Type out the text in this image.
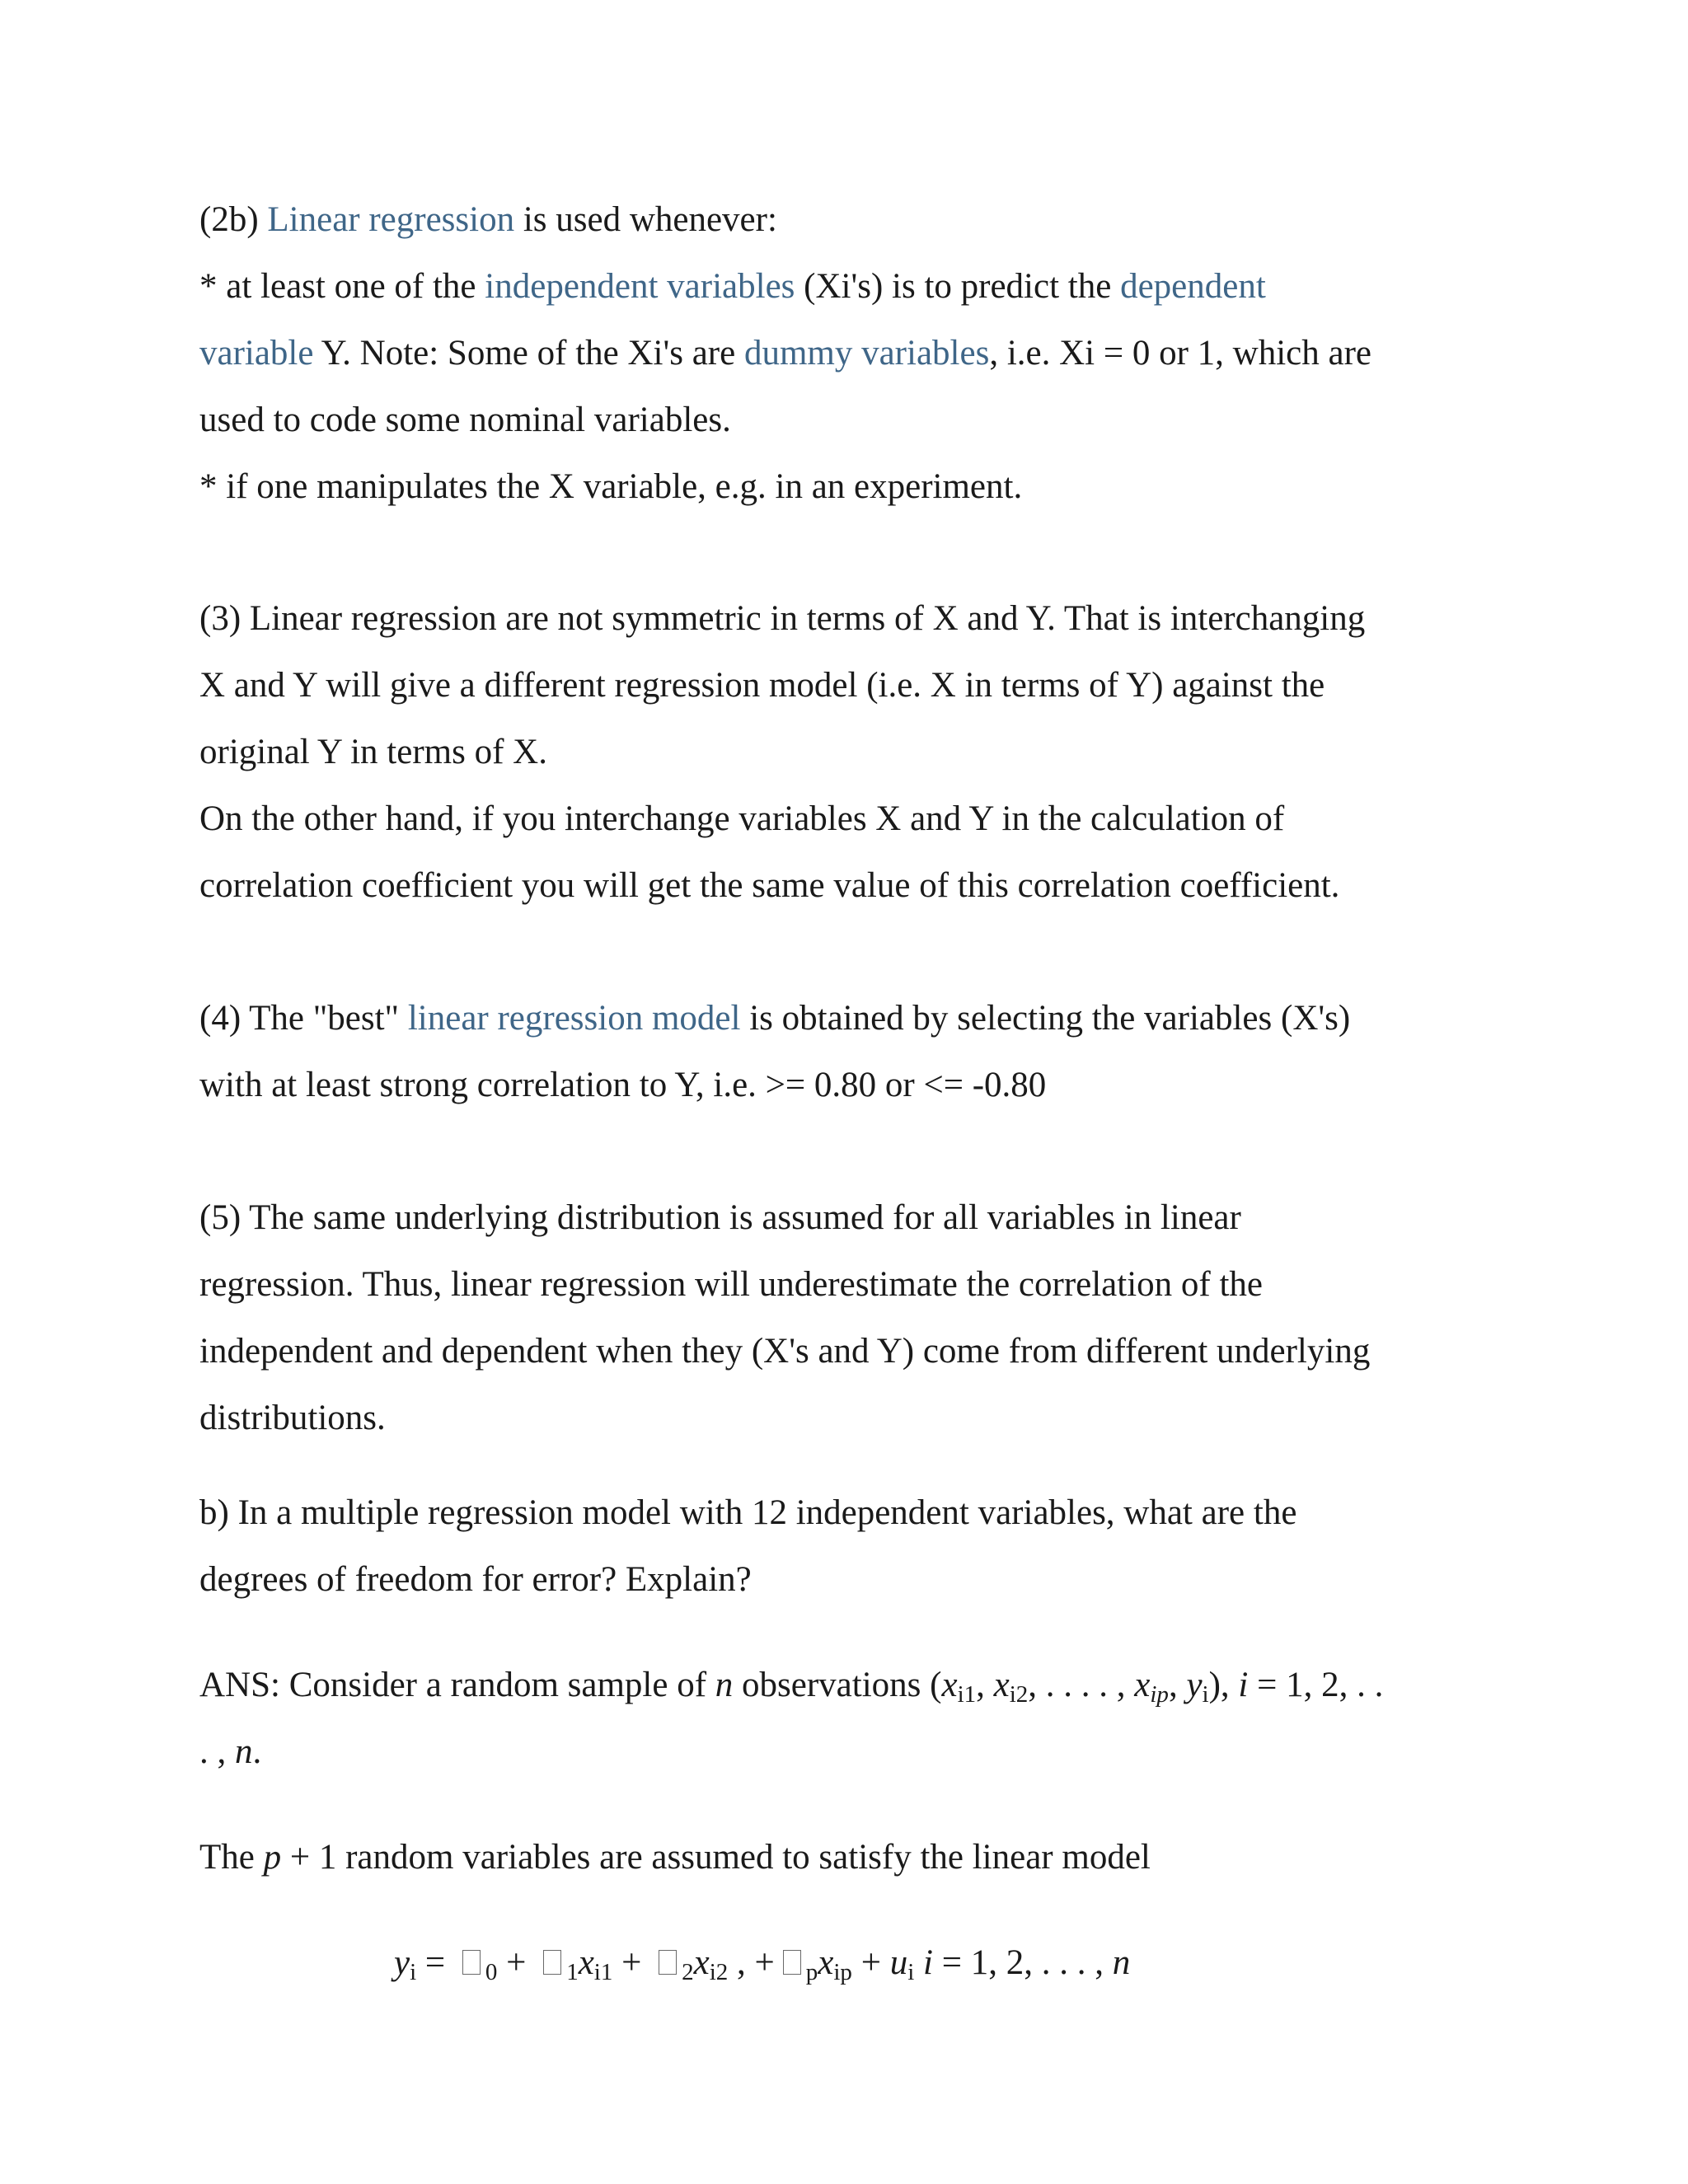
(2b) Linear regression is used whenever:

* at least one of the independent variables (Xi's) is to predict the dependent

variable Y. Note: Some of the Xi's are dummy variables, i.e. Xi = 0 or 1, which are

used to code some nominal variables.

* if one manipulates the X variable, e.g. in an experiment.

(3) Linear regression are not symmetric in terms of X and Y. That is interchanging

X and Y will give a different regression model (i.e. X in terms of Y) against the

original Y in terms of X.

On the other hand, if you interchange variables X and Y in the calculation of

correlation coefficient you will get the same value of this correlation coefficient.

(4) The "best" linear regression model is obtained by selecting the variables (X's)

with at least strong correlation to Y, i.e. >= 0.80 or <= -0.80

(5) The same underlying distribution is assumed for all variables in linear

regression. Thus, linear regression will underestimate the correlation of the

independent and dependent when they (X's and Y) come from different underlying

distributions.

b) In a multiple regression model with 12 independent variables, what are the

degrees of freedom for error? Explain?

ANS: Consider a random sample of n observations ($x_{i1}$, $x_{i2}$, . . . . , $x_{ip}$, $y_i$), i = 1, 2, . .

. , n.

The p + 1 random variables are assumed to satisfy the linear model

$y_i = _0 + _1x_{i1} + _2x_{i2}$ , + $_px_{ip} + u_i$ i = 1, 2, . . . , n
